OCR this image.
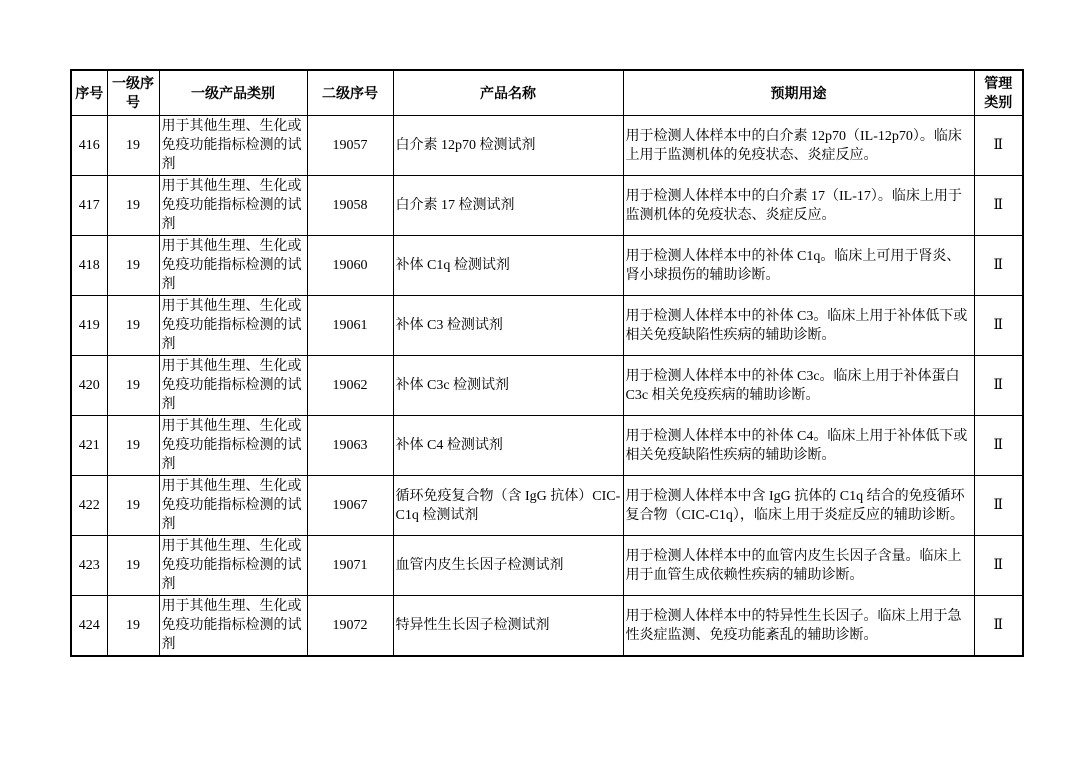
序号	一级序号	一级产品类别	二级序号	产品名称	预期用途	管理类别
416	19	用于其他生理、生化或免疫功能指标检测的试剂	19057	白介素 12p70 检测试剂	用于检测人体样本中的白介素 12p70（IL-12p70）。临床上用于监测机体的免疫状态、炎症反应。	Ⅱ
417	19	用于其他生理、生化或免疫功能指标检测的试剂	19058	白介素 17 检测试剂	用于检测人体样本中的白介素 17（IL-17）。临床上用于监测机体的免疫状态、炎症反应。	Ⅱ
418	19	用于其他生理、生化或免疫功能指标检测的试剂	19060	补体 C1q 检测试剂	用于检测人体样本中的补体 C1q。临床上可用于肾炎、肾小球损伤的辅助诊断。	Ⅱ
419	19	用于其他生理、生化或免疫功能指标检测的试剂	19061	补体 C3 检测试剂	用于检测人体样本中的补体 C3。临床上用于补体低下或相关免疫缺陷性疾病的辅助诊断。	Ⅱ
420	19	用于其他生理、生化或免疫功能指标检测的试剂	19062	补体 C3c 检测试剂	用于检测人体样本中的补体 C3c。临床上用于补体蛋白 C3c 相关免疫疾病的辅助诊断。	Ⅱ
421	19	用于其他生理、生化或免疫功能指标检测的试剂	19063	补体 C4 检测试剂	用于检测人体样本中的补体 C4。临床上用于补体低下或相关免疫缺陷性疾病的辅助诊断。	Ⅱ
422	19	用于其他生理、生化或免疫功能指标检测的试剂	19067	循环免疫复合物（含 IgG 抗体）CIC-C1q 检测试剂	用于检测人体样本中含 IgG 抗体的 C1q 结合的免疫循环复合物（CIC-C1q），临床上用于炎症反应的辅助诊断。	Ⅱ
423	19	用于其他生理、生化或免疫功能指标检测的试剂	19071	血管内皮生长因子检测试剂	用于检测人体样本中的血管内皮生长因子含量。临床上用于血管生成依赖性疾病的辅助诊断。	Ⅱ
424	19	用于其他生理、生化或免疫功能指标检测的试剂	19072	特异性生长因子检测试剂	用于检测人体样本中的特异性生长因子。临床上用于急性炎症监测、免疫功能紊乱的辅助诊断。	Ⅱ
